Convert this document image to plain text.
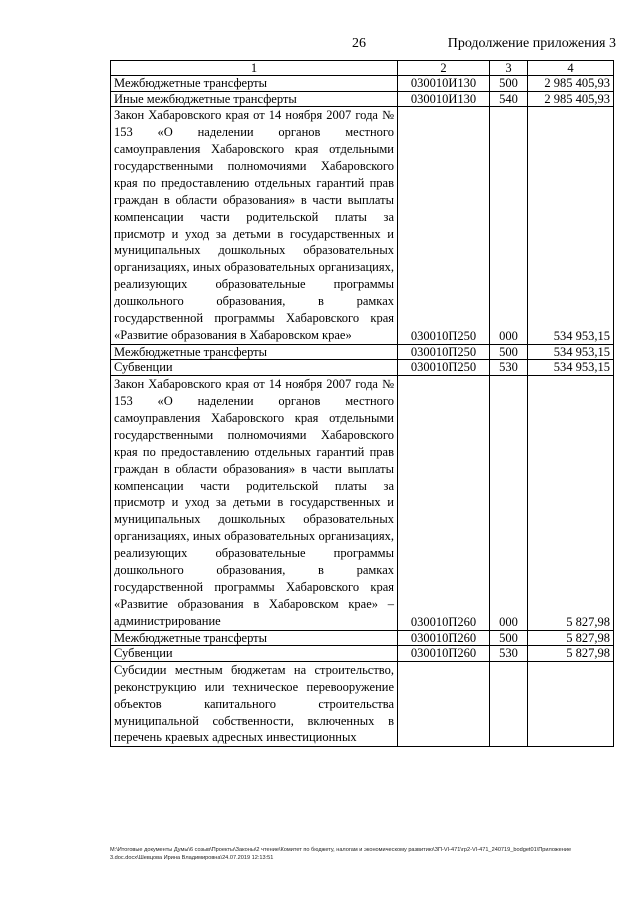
26	Продолжение приложения 3
1	2	3	4
Межбюджетные трансферты	030010И130	500	2 985 405,93
Иные межбюджетные трансферты	030010И130	540	2 985 405,93
Закон Хабаровского края от 14 ноября 2007 года № 153 «О наделении органов местного самоуправления Хабаровского края отдельными государственными полномочиями Хабаровского края по предоставлению отдельных гарантий прав граждан в области образования» в части выплаты компенсации части родительской платы за присмотр и уход за детьми в государственных и муниципальных дошкольных образовательных организациях, иных образовательных организациях, реализующих образовательные программы дошкольного образования, в рамках государственной программы Хабаровского края «Развитие образования в Хабаровском крае»	030010П250	000	534 953,15
Межбюджетные трансферты	030010П250	500	534 953,15
Субвенции	030010П250	530	534 953,15
Закон Хабаровского края от 14 ноября 2007 года № 153 «О наделении органов местного самоуправления Хабаровского края отдельными государственными полномочиями Хабаровского края по предоставлению отдельных гарантий прав граждан в области образования» в части выплаты компенсации части родительской платы за присмотр и уход за детьми в государственных и муниципальных дошкольных образовательных организациях, иных образовательных организациях, реализующих образовательные программы дошкольного образования, в рамках государственной программы Хабаровского края «Развитие образования в Хабаровском крае» – администрирование	030010П260	000	5 827,98
Межбюджетные трансферты	030010П260	500	5 827,98
Субвенции	030010П260	530	5 827,98
Субсидии местным бюджетам на строительство, реконструкцию или техническое перевооружение объектов капитального строительства муниципальной собственности, включенных в перечень краевых адресных инвестиционных			
M:\Итоговые документы Думы\6 созыв\Проекты\Законы\2 чтение\Комитет по бюджету, налогам и экономическому развитию\ЗП-VI-471\гр2-VI-471_240719_bodget01\Приложение 3.doc.docx\Шевцова Ирина Владимировна\24.07.2019 12:13:51
